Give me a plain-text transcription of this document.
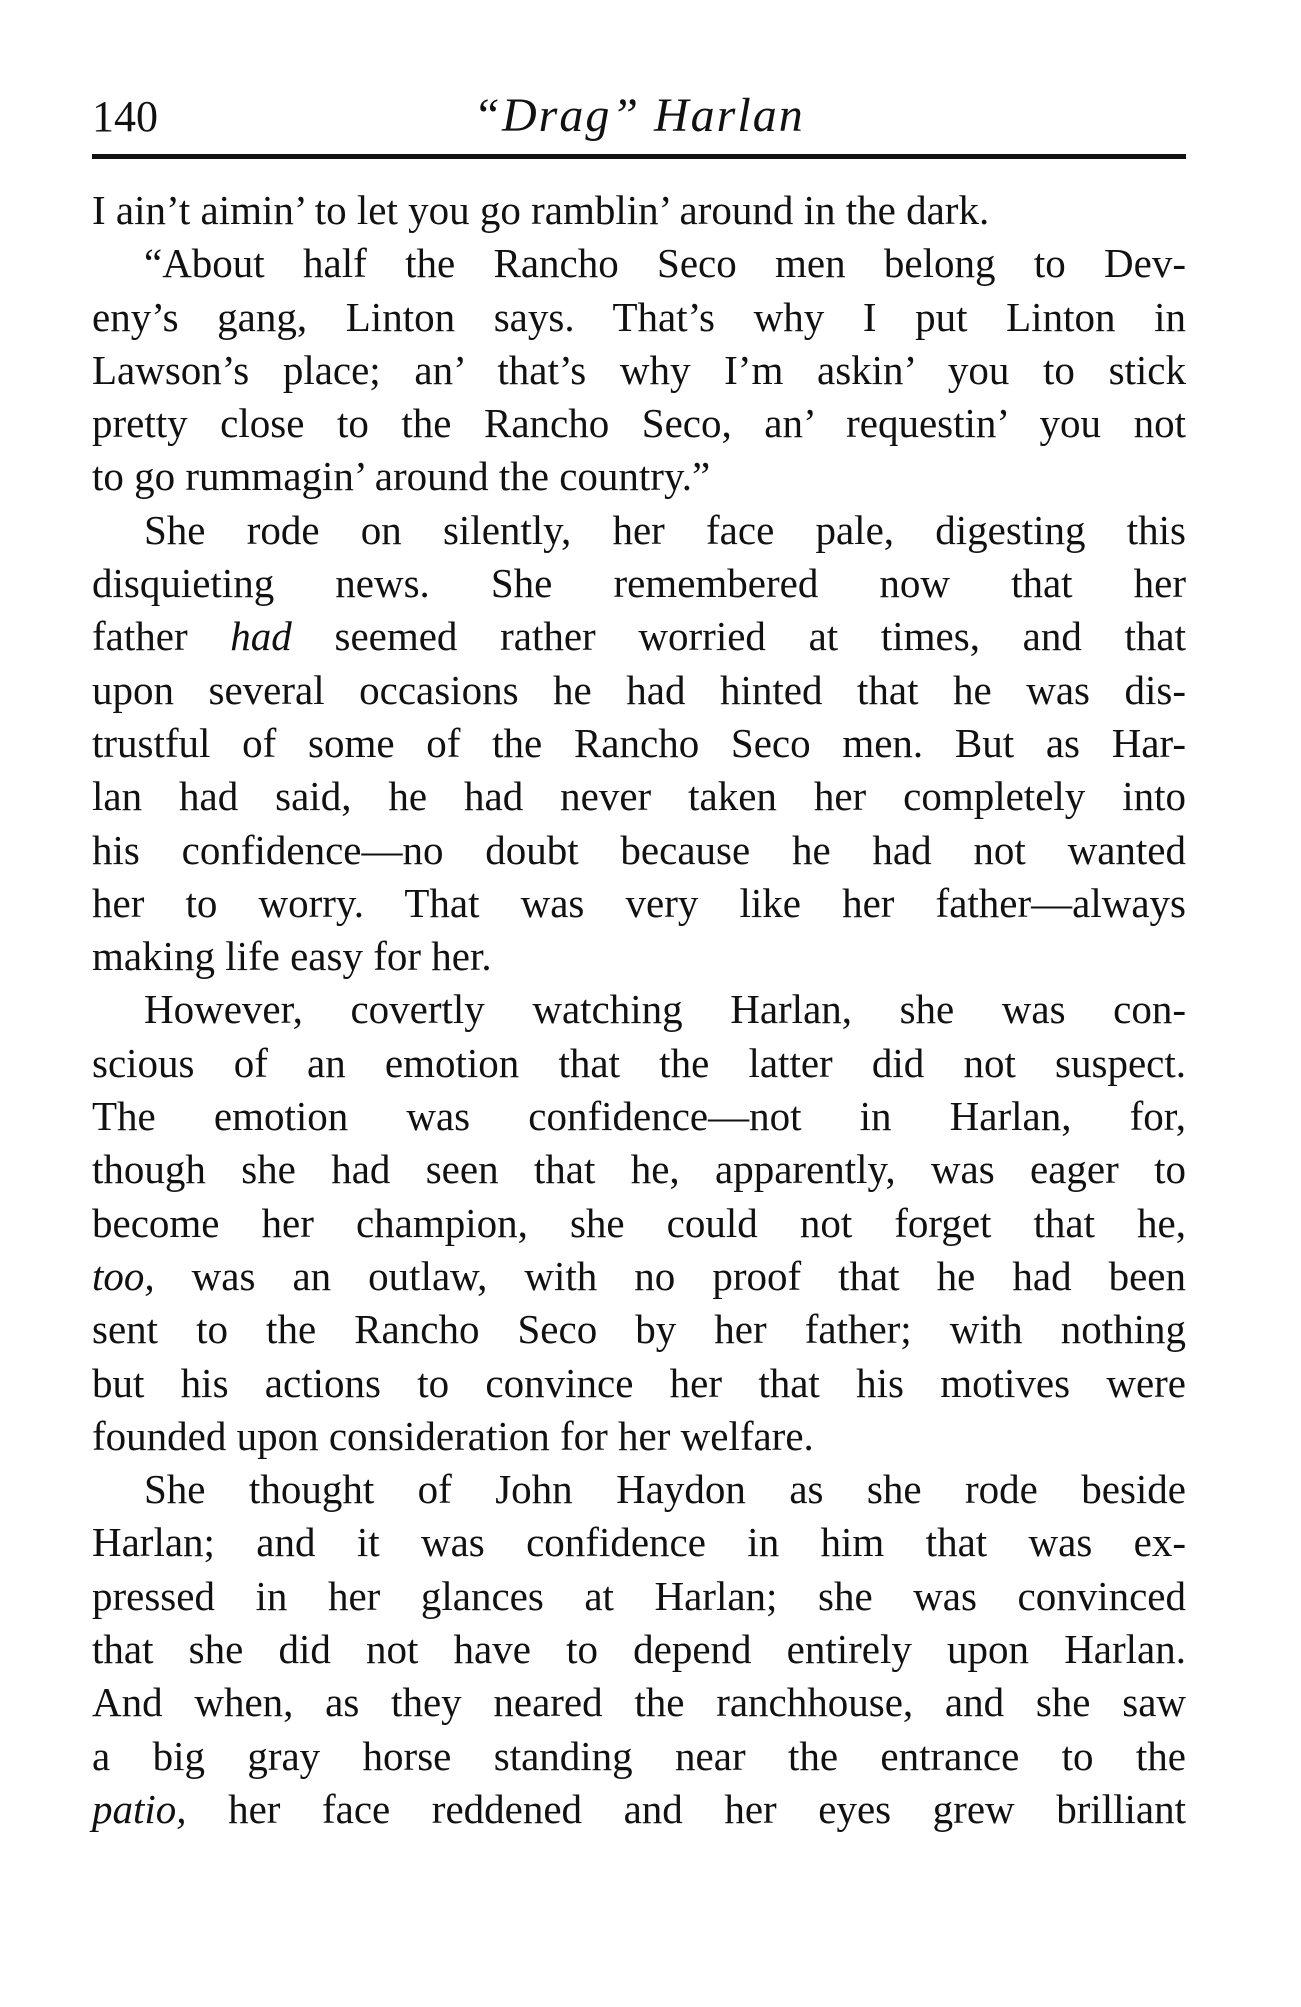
140	“Drag” Harlan
I ain’t aimin’ to let you go ramblin’ around in the dark.
“About half the Rancho Seco men belong to Dev-
eny’s gang, Linton says. That’s why I put Linton in
Lawson’s place; an’ that’s why I’m askin’ you to stick
pretty close to the Rancho Seco, an’ requestin’ you not
to go rummagin’ around the country.”
She rode on silently, her face pale, digesting this
disquieting news. She remembered now that her
father had seemed rather worried at times, and that
upon several occasions he had hinted that he was dis-
trustful of some of the Rancho Seco men. But as Har-
lan had said, he had never taken her completely into
his confidence—no doubt because he had not wanted
her to worry. That was very like her father—always
making life easy for her.
However, covertly watching Harlan, she was con-
scious of an emotion that the latter did not suspect.
The emotion was confidence—not in Harlan, for,
though she had seen that he, apparently, was eager to
become her champion, she could not forget that he,
too, was an outlaw, with no proof that he had been
sent to the Rancho Seco by her father; with nothing
but his actions to convince her that his motives were
founded upon consideration for her welfare.
She thought of John Haydon as she rode beside
Harlan; and it was confidence in him that was ex-
pressed in her glances at Harlan; she was convinced
that she did not have to depend entirely upon Harlan.
And when, as they neared the ranchhouse, and she saw
a big gray horse standing near the entrance to the
patio, her face reddened and her eyes grew brilliant
